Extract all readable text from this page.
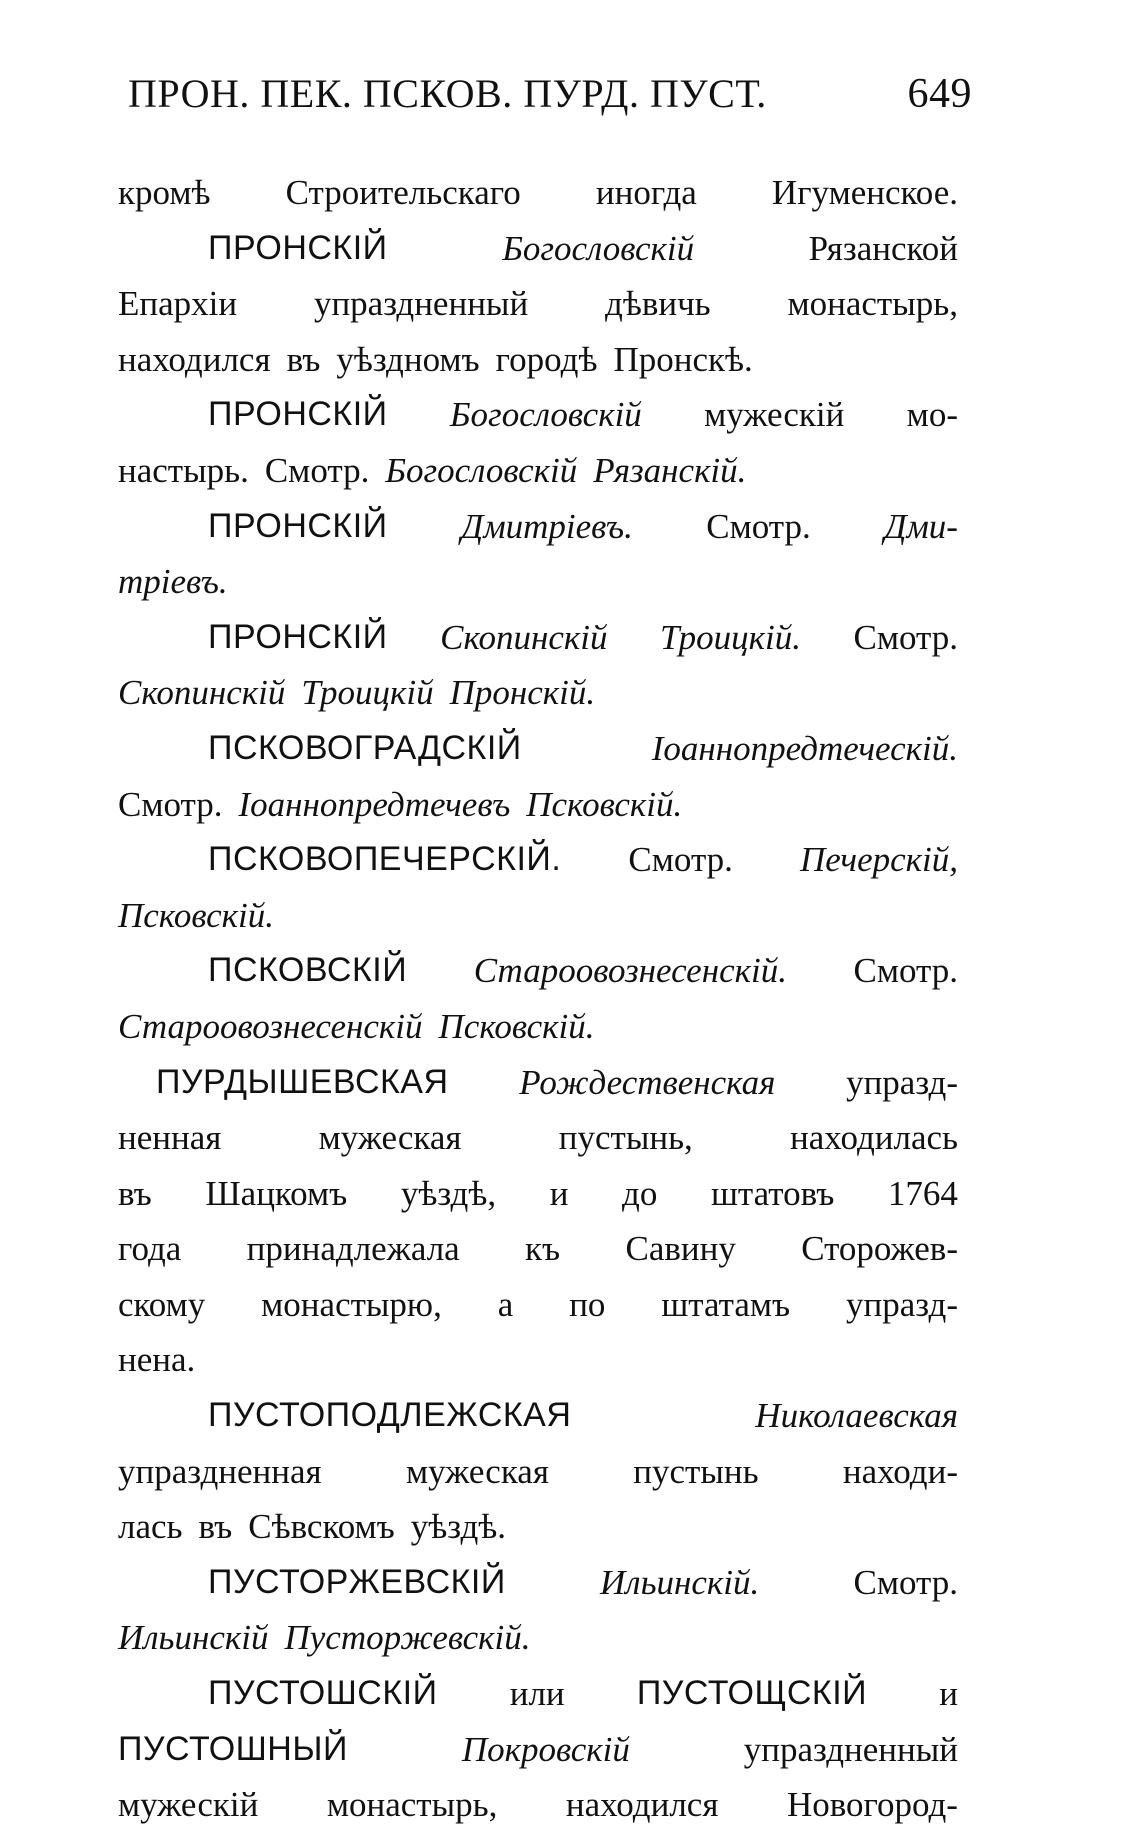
ПРОН. ПЕК. ПСКОВ. ПУРД. ПУСТ.	649
кромѣ Строительскаго иногда Игуменское.
ПРОНСКІЙ	Богословскій	Рязанской
Епархіи упраздненный дѣвичь монастырь,
находился въ уѣздномъ городѣ Пронскѣ.
ПРОНСКІЙ Богословскій мужескій мо-
настырь. Смотр. Богословскій Рязанскій.
ПРОНСКІЙ Дмитріевъ. Смотр. Дми-
тріевъ.
ПРОНСКІЙ Скопинскій Троицкій. Смотр.
Скопинскій Троицкій Пронскій.
ПСКОВОГРАДСКІЙ	Іоаннопредтеческій.
Смотр. Іоаннопредтечевъ Псковскій.
ПСКОВОПЕЧЕРСКІЙ. Смотр. Печерскій,
Псковскій.
ПСКОВСКІЙ Староовознесенскій. Смотр.
Староовознесенскій Псковскій.
ПУРДЫШЕВСКАЯ Рождественская упразд-
ненная	мужеская	пустынь,	находилась
въ Шацкомъ уѣздѣ, и до штатовъ 1764
года принадлежала къ Савину Сторожев-
скому монастырю, а по штатамъ упразд-
нена.
ПУСТОПОДЛЕЖСКАЯ	Николаевская
упраздненная мужеская пустынь находи-
лась въ Сѣвскомъ уѣздѣ.
ПУСТОРЖЕВСКІЙ	Ильинскій.	Смотр.
Ильинскій Пусторжевскій.
ПУСТОШСКІЙ или ПУСТОЩСКІЙ и
ПУСТОШНЫЙ	Покровскій	упраздненный
мужескій монастырь, находился Новогород-
